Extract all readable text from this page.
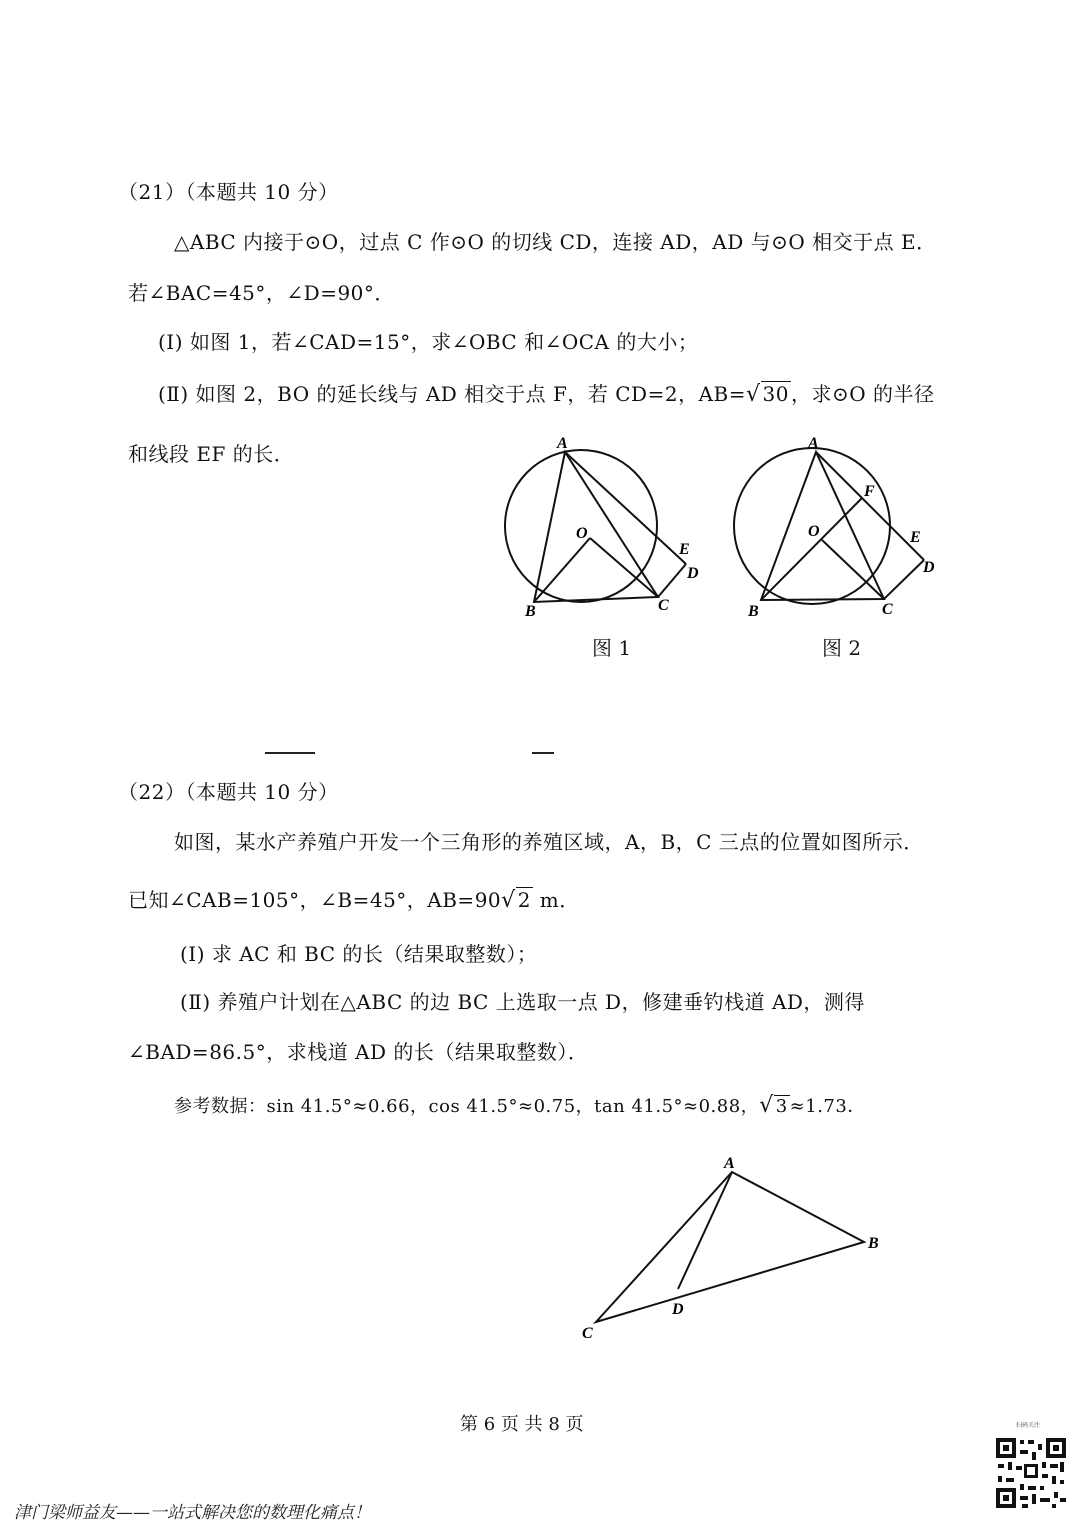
（21）（本题共 10 分）
△ABC 内接于⊙O，过点 C 作⊙O 的切线 CD，连接 AD，AD 与⊙O 相交于点 E．
若∠BAC=45°，∠D=90°．
(Ⅰ) 如图 1，若∠CAD=15°，求∠OBC 和∠OCA 的大小；
(Ⅱ) 如图 2，BO 的延长线与 AD 相交于点 F，若 CD=2，AB=√ 30 ，求⊙O 的半径
和线段 EF 的长．	A
O
E
D
B	C
图 1
A
F
O	E
D
B	C
图 2
（22）（本题共 10 分）
如图，某水产养殖户开发一个三角形的养殖区域，A，B，C 三点的位置如图所示．
已知∠CAB=105°，∠B=45°，AB=90√ 2 m．
(Ⅰ) 求 AC 和 BC 的长（结果取整数）；
(Ⅱ) 养殖户计划在△ABC 的边 BC 上选取一点 D，修建垂钓栈道 AD，测得
∠BAD=86.5°，求栈道 AD 的长（结果取整数）．
参考数据：sin 41.5°≈0.66，cos 41.5°≈0.75，tan 41.5°≈0.88，√ 3 ≈1.73．
A
B
D
C
第 6 页 共 8 页	扫码关注
津门梁师益友——一站式解决您的数理化痛点！
